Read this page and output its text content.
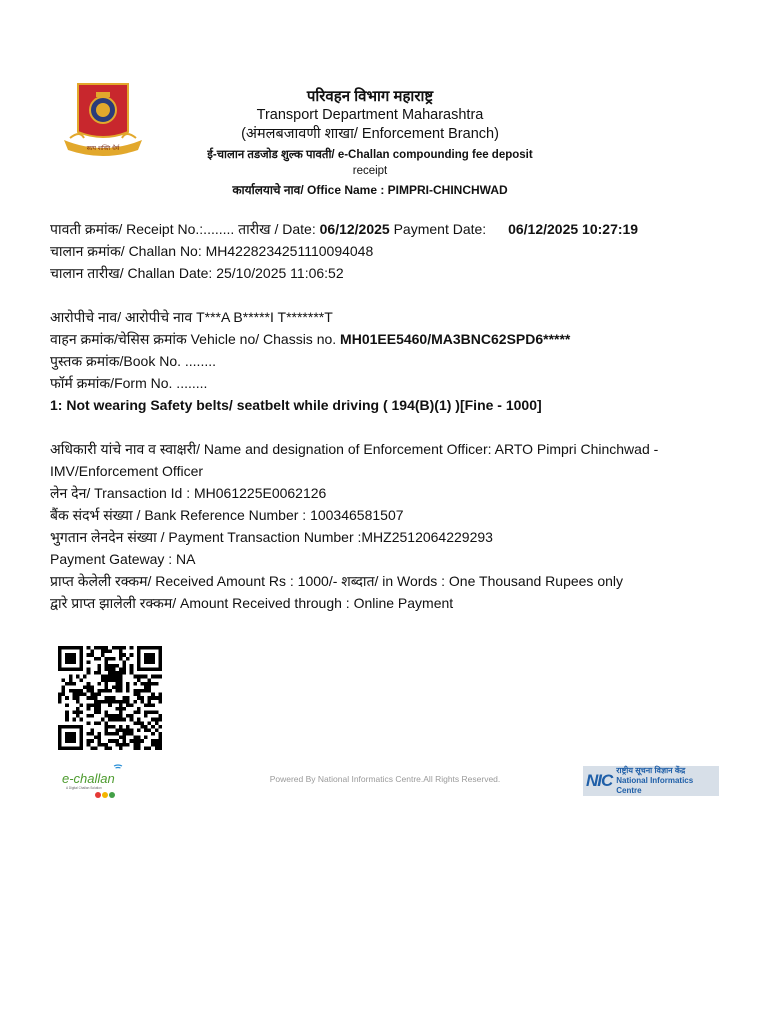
सत्य शक्ति धैर्य
परिवहन विभाग महाराष्ट्र
Transport Department Maharashtra
(अंमलबजावणी शाखा/ Enforcement Branch)
ई-चालान तडजोड शुल्क पावती/ e-Challan compounding fee deposit
receipt
कार्यालयाचे नाव/ Office Name : PIMPRI-CHINCHWAD
पावती क्रमांक/ Receipt No.:........ तारीख / Date: 06/12/2025 Payment Date: 06/12/2025 10:27:19
चालान क्रमांक/ Challan No: MH4228234251110094048
चालान तारीख/ Challan Date: 25/10/2025 11:06:52
आरोपीचे नाव/ आरोपीचे नाव T***A B*****I T*******T
वाहन क्रमांक/चेसिस क्रमांक Vehicle no/ Chassis no. MH01EE5460/MA3BNC62SPD6*****
पुस्तक क्रमांक/Book No. ........
फॉर्म क्रमांक/Form No. ........
1: Not wearing Safety belts/ seatbelt while driving ( 194(B)(1) )[Fine - 1000]
अधिकारी यांचे नाव व स्वाक्षरी/ Name and designation of Enforcement Officer: ARTO Pimpri Chinchwad - IMV/Enforcement Officer
लेन देन/ Transaction Id : MH061225E0062126
बैंक संदर्भ संख्या / Bank Reference Number : 100346581507
भुगतान लेनदेन संख्या / Payment Transaction Number :MHZ2512064229293
Payment Gateway : NA
प्राप्त केलेली रक्कम/ Received Amount Rs : 1000/- शब्दात/ in Words : One Thousand Rupees only
द्वारे प्राप्त झालेली रक्कम/ Amount Received through : Online Payment
e-challan
A Digital Challan Solution
Powered By National Informatics Centre.All Rights Reserved.	NIC
राष्ट्रीय सूचना विज्ञान केंद्र
National Informatics Centre
